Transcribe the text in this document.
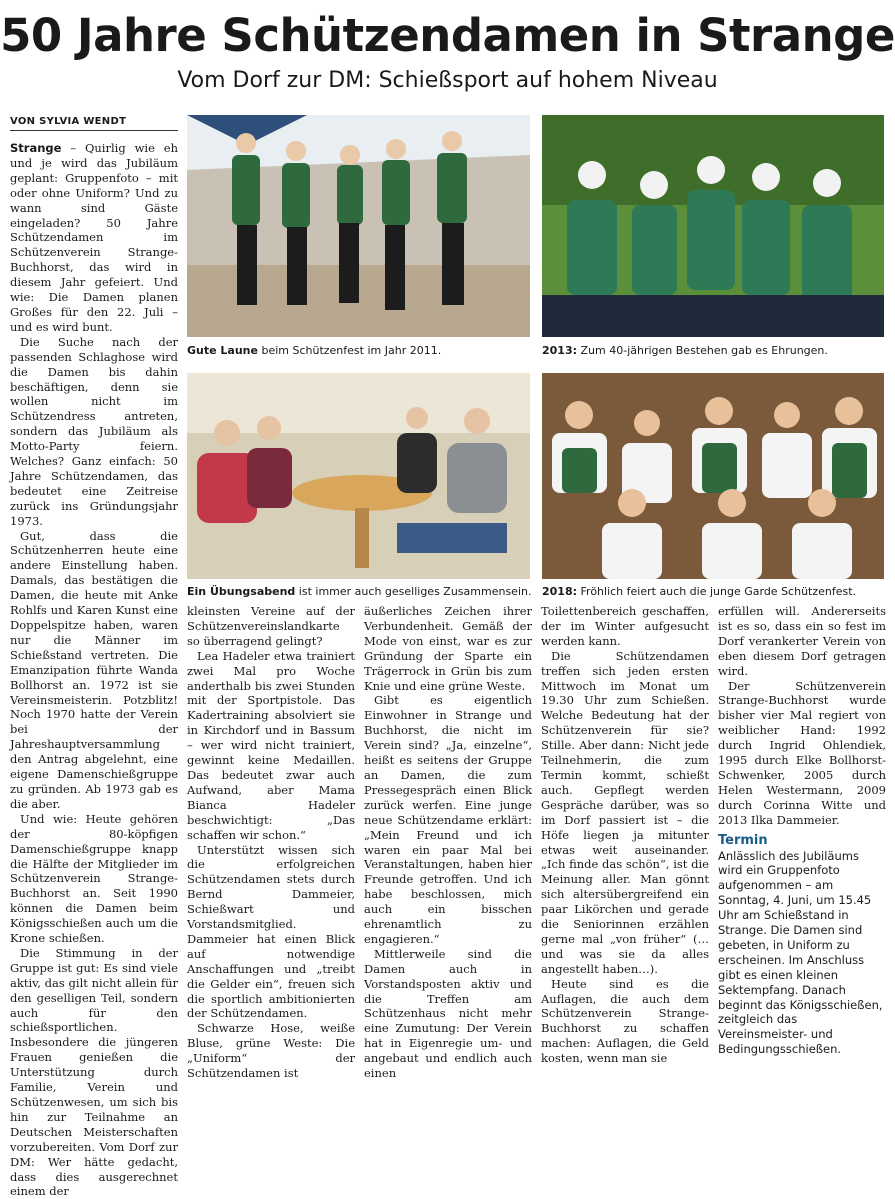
50 Jahre Schützendamen in Strange
Vom Dorf zur DM: Schießsport auf hohem Niveau
VON SYLVIA WENDT
Gute Laune beim Schützenfest im Jahr 2011.	2013: Zum 40-jährigen Bestehen gab es Ehrungen.
Ein Übungsabend ist immer auch geselliges Zusammensein. 2018: Fröhlich feiert auch die junge Garde Schützenfest.

Strange – Quirlig wie eh und je wird das Jubiläum geplant: Gruppenfoto – mit oder ohne Uniform? Und zu wann sind Gäste eingeladen? 50 Jahre Schützendamen im Schützenverein Strange-Buchhorst, das wird in diesem Jahr gefeiert. Und wie: Die Damen planen Großes für den 22. Juli – und es wird bunt.

Die Suche nach der passenden Schlaghose wird die Damen bis dahin beschäftigen, denn sie wollen nicht im Schützendress antreten, sondern das Jubiläum als Motto-Party feiern. Welches? Ganz einfach: 50 Jahre Schützendamen, das bedeutet eine Zeitreise zurück ins Gründungsjahr 1973.

Gut, dass die Schützenherren heute eine andere Einstellung haben. Damals, das bestätigen die Damen, die heute mit Anke Rohlfs und Karen Kunst eine Doppelspitze haben, waren nur die Männer im Schießstand vertreten. Die Emanzipation führte Wanda Bollhorst an. 1972 ist sie Vereinsmeisterin. Potzblitz! Noch 1970 hatte der Verein bei der Jahreshauptversammlung den Antrag abgelehnt, eine eigene Damenschießgruppe zu gründen. Ab 1973 gab es die aber.

Und wie: Heute gehören der 80-köpfigen Damenschießgruppe knapp die Hälfte der Mitglieder im Schützenverein Strange-Buchhorst an. Seit 1990 können die Damen beim Königsschießen auch um die Krone schießen.

Die Stimmung in der Gruppe ist gut: Es sind viele aktiv, das gilt nicht allein für den geselligen Teil, sondern auch für den schießsportlichen. Insbesondere die jüngeren Frauen genießen die Unterstützung durch Familie, Verein und Schützenwesen, um sich bis hin zur Teilnahme an Deutschen Meisterschaften vorzubereiten. Vom Dorf zur DM: Wer hätte gedacht, dass dies ausgerechnet einem der

kleinsten Vereine auf der Schützenvereinslandkarte so überragend gelingt?

Lea Hadeler etwa trainiert zwei Mal pro Woche anderthalb bis zwei Stunden mit der Sportpistole. Das Kadertraining absolviert sie in Kirchdorf und in Bassum – wer wird nicht trainiert, gewinnt keine Medaillen. Das bedeutet zwar auch Aufwand, aber Mama Bianca Hadeler beschwichtigt: „Das schaffen wir schon.“

Unterstützt wissen sich die erfolgreichen Schützendamen stets durch Bernd Dammeier, Schießwart und Vorstandsmitglied. Dammeier hat einen Blick auf notwendige Anschaffungen und „treibt die Gelder ein“, freuen sich die sportlich ambitionierten der Schützendamen.

Schwarze Hose, weiße Bluse, grüne Weste: Die „Uniform“ der Schützendamen ist

äußerliches Zeichen ihrer Verbundenheit. Gemäß der Mode von einst, war es zur Gründung der Sparte ein Trägerrock in Grün bis zum Knie und eine grüne Weste.

Gibt es eigentlich Einwohner in Strange und Buchhorst, die nicht im Verein sind? „Ja, einzelne“, heißt es seitens der Gruppe an Damen, die zum Pressegespräch einen Blick zurück werfen. Eine junge neue Schützendame erklärt: „Mein Freund und ich waren ein paar Mal bei Veranstaltungen, haben hier Freunde getroffen. Und ich habe beschlossen, mich auch ein bisschen ehrenamtlich zu engagieren.“

Mittlerweile sind die Damen auch in Vorstandsposten aktiv und die Treffen am Schützenhaus nicht mehr eine Zumutung: Der Verein hat in Eigenregie um- und angebaut und endlich auch einen

Toilettenbereich geschaffen, der im Winter aufgesucht werden kann.

Die Schützendamen treffen sich jeden ersten Mittwoch im Monat um 19.30 Uhr zum Schießen. Welche Bedeutung hat der Schützenverein für sie? Stille. Aber dann: Nicht jede Teilnehmerin, die zum Termin kommt, schießt auch. Gepflegt werden Gespräche darüber, was so im Dorf passiert ist – die Höfe liegen ja mitunter etwas weit auseinander. „Ich finde das schön“, ist die Meinung aller. Man gönnt sich altersübergreifend ein paar Likörchen und gerade die Seniorinnen erzählen gerne mal „von früher“ (…und was sie da alles angestellt haben…).

Heute sind es die Auflagen, die auch dem Schützenverein Strange-Buchhorst zu schaffen machen: Auflagen, die Geld kosten, wenn man sie

erfüllen will. Andererseits ist es so, dass ein so fest im Dorf verankerter Verein von eben diesem Dorf getragen wird.

Der Schützenverein Strange-Buchhorst wurde bisher vier Mal regiert von weiblicher Hand: 1992 durch Ingrid Ohlendiek, 1995 durch Elke Bollhorst-Schwenker, 2005 durch Helen Westermann, 2009 durch Corinna Witte und 2013 Ilka Dammeier.

Termin
Anlässlich des Jubiläums wird ein Gruppenfoto aufgenommen – am Sonntag, 4. Juni, um 15.45 Uhr am Schießstand in Strange. Die Damen sind gebeten, in Uniform zu erscheinen. Im Anschluss gibt es einen kleinen Sektempfang. Danach beginnt das Königsschießen, zeitgleich das Vereinsmeister- und Bedingungsschießen.
